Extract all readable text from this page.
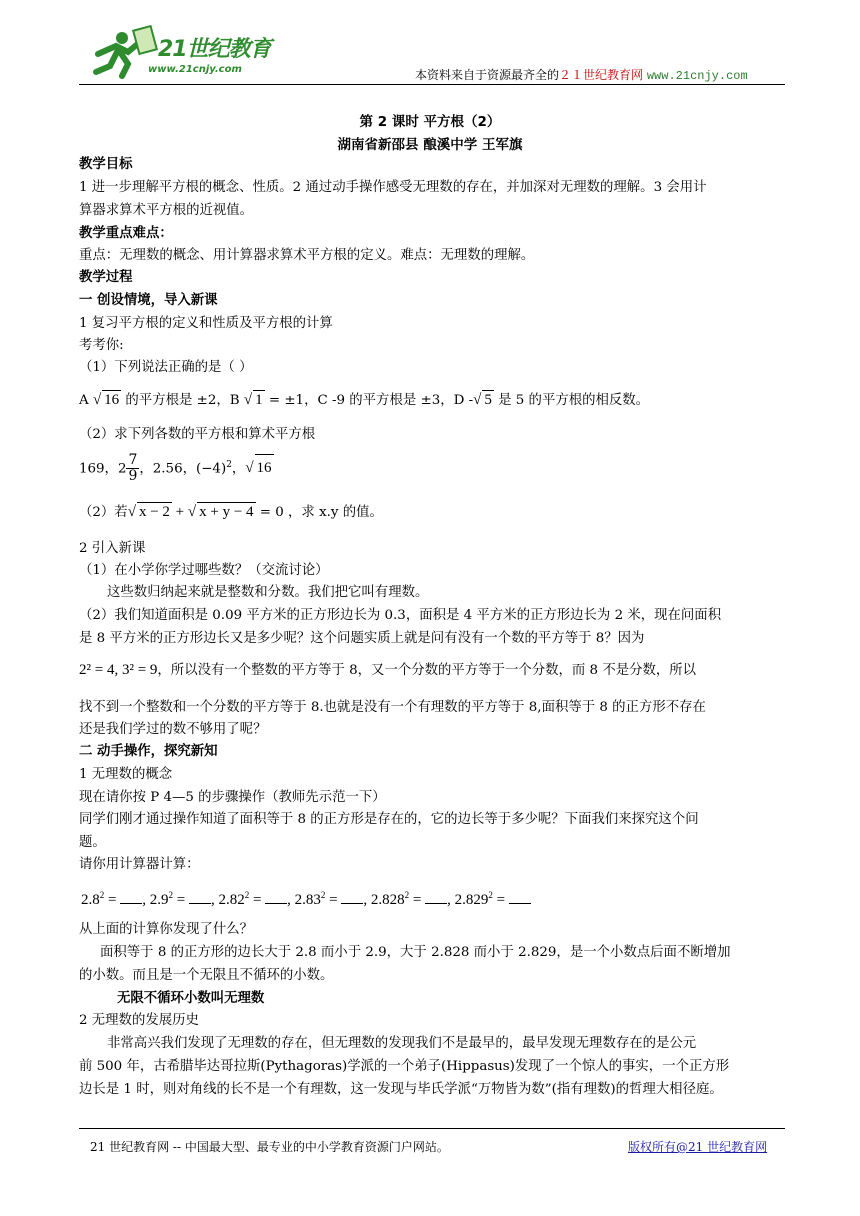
21世纪教育
www.21cnjy.com	本资料来自于资源最齐全的２１世纪教育网 www.21cnjy.com
第 2 课时 平方根（2）
湖南省新邵县 酿溪中学 王军旗
教学目标
1 进一步理解平方根的概念、性质。2 通过动手操作感受无理数的存在，并加深对无理数的理解。3 会用计
算器求算术平方根的近视值。
教学重点难点：
重点：无理数的概念、用计算器求算术平方根的定义。难点：无理数的理解。
教学过程
一 创设情境，导入新课
1 复习平方根的定义和性质及平方根的计算
考考你:
（1）下列说法正确的是（ ）
A √ 16 的平方根是 ±2，B √ 1 = ±1，C -9 的平方根是 ±3，D -√ 5 是 5 的平方根的相反数。
（2）求下列各数的平方根和算术平方根
169，$2 \frac{7}{9}$ ，2.56，$(-4)^2$，√ 16
（2）若√ x − 2 + √ x + y − 4 = 0 ，求 x.y 的值。
2 引入新课
（1）在小学你学过哪些数？（交流讨论）
这些数归纳起来就是整数和分数。我们把它叫有理数。
（2）我们知道面积是 0.09 平方米的正方形边长为 0.3，面积是 4 平方米的正方形边长为 2 米，现在问面积
是 8 平方米的正方形边长又是多少呢？这个问题实质上就是问有没有一个数的平方等于 8？因为
2² = 4, 3² = 9，所以没有一个整数的平方等于 8，又一个分数的平方等于一个分数，而 8 不是分数，所以
找不到一个整数和一个分数的平方等于 8.也就是没有一个有理数的平方等于 8,面积等于 8 的正方形不存在
还是我们学过的数不够用了呢？
二 动手操作，探究新知
1 无理数的概念
现在请你按 P 4—5 的步骤操作（教师先示范一下）
同学们刚才通过操作知道了面积等于 8 的正方形是存在的，它的边长等于多少呢？下面我们来探究这个问
题。
请你用计算器计算：
$2.8^2$ = , $2.9^2$ = , $2.82^2$ = , $2.83^2$ = , $2.828^2$ = , $2.829^2$ =
从上面的计算你发现了什么？
面积等于 8 的正方形的边长大于 2.8 而小于 2.9，大于 2.828 而小于 2.829，是一个小数点后面不断增加
的小数。而且是一个无限且不循环的小数。
无限不循环小数叫无理数
2 无理数的发展历史
非常高兴我们发现了无理数的存在，但无理数的发现我们不是最早的，最早发现无理数存在的是公元
前 500 年，古希腊毕达哥拉斯(Pythagoras)学派的一个弟子(Hippasus)发现了一个惊人的事实，一个正方形
边长是 1 时，则对角线的长不是一个有理数，这一发现与毕氏学派“万物皆为数”(指有理数)的哲理大相径庭。
21 世纪教育网 -- 中国最大型、最专业的中小学教育资源门户网站。	版权所有@21 世纪教育网
